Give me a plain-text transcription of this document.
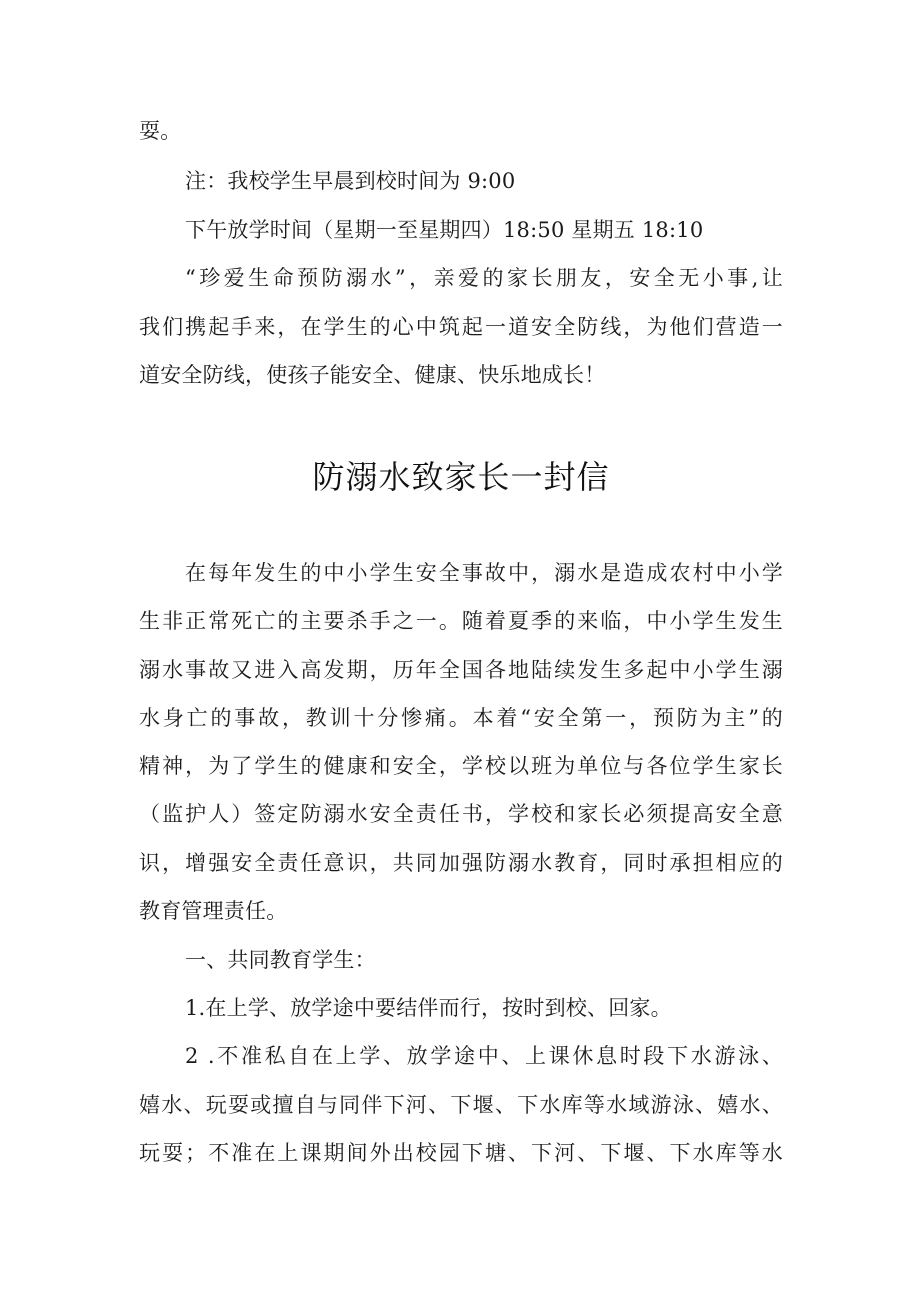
耍。
注：我校学生早晨到校时间为 9:00
下午放学时间（星期一至星期四）18:50 星期五 18:10
“珍爱生命预防溺水”，亲爱的家长朋友，安全无小事,让
我们携起手来，在学生的心中筑起一道安全防线，为他们营造一
道安全防线，使孩子能安全、健康、快乐地成长！
防溺水致家长一封信
在每年发生的中小学生安全事故中，溺水是造成农村中小学
生非正常死亡的主要杀手之一。随着夏季的来临，中小学生发生
溺水事故又进入高发期，历年全国各地陆续发生多起中小学生溺
水身亡的事故，教训十分惨痛。本着“安全第一，预防为主”的
精神，为了学生的健康和安全，学校以班为单位与各位学生家长
（监护人）签定防溺水安全责任书，学校和家长必须提高安全意
识，增强安全责任意识，共同加强防溺水教育，同时承担相应的
教育管理责任。
一、共同教育学生：
1.在上学、放学途中要结伴而行，按时到校、回家。
2 .不准私自在上学、放学途中、上课休息时段下水游泳、
嬉水、玩耍或擅自与同伴下河、下堰、下水库等水域游泳、嬉水、
玩耍；不准在上课期间外出校园下塘、下河、下堰、下水库等水
